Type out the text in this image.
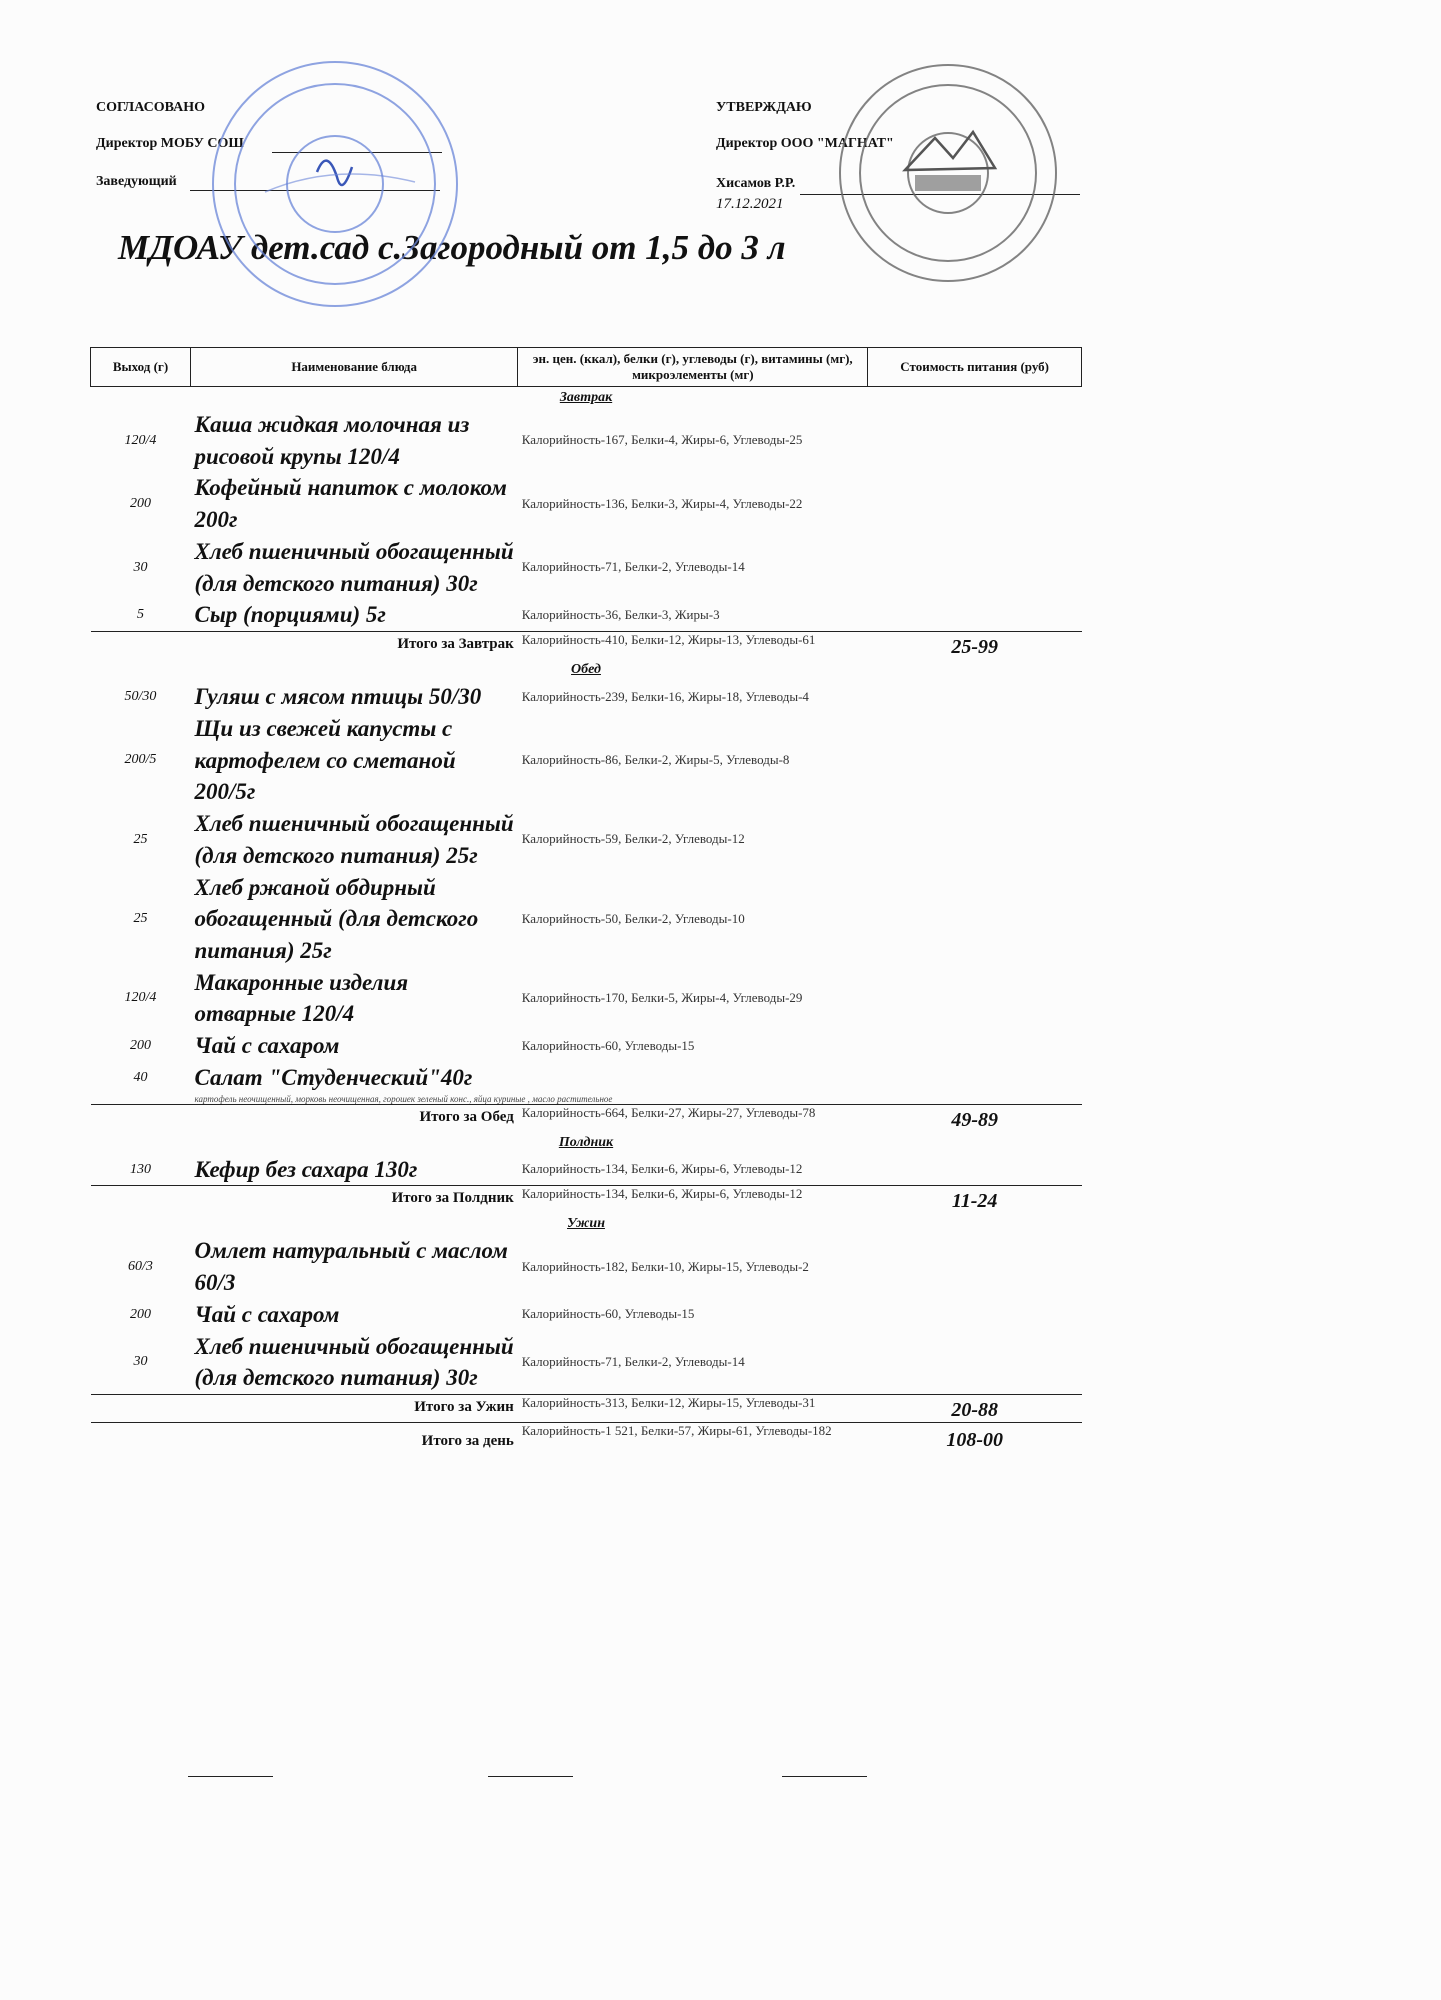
СОГЛАСОВАНО
Директор МОБУ СОШ
Заведующий
УТВЕРЖДАЮ
Директор ООО "МАГНАТ"
Хисамов Р.Р.
17.12.2021
МДОАУ дет.сад с.Загородный от 1,5 до 3 л
Выход (г)	Наименование блюда	эн. цен. (ккал), белки (г), углеводы (г), витамины (мг), микроэлементы (мг)	Стоимость питания (руб)
Завтрак			
120/4	Каша жидкая молочная из рисовой крупы 120/4	Калорийность-167, Белки-4, Жиры-6, Углеводы-25	
200	Кофейный напиток с молоком 200г	Калорийность-136, Белки-3, Жиры-4, Углеводы-22	
30	Хлеб пшеничный обогащенный (для детского питания) 30г	Калорийность-71, Белки-2, Углеводы-14	
5	Сыр (порциями) 5г	Калорийность-36, Белки-3, Жиры-3	
Итого за Завтрак		Калорийность-410, Белки-12, Жиры-13, Углеводы-61	25-99
Обед			
50/30	Гуляш с мясом птицы 50/30	Калорийность-239, Белки-16, Жиры-18, Углеводы-4	
200/5	Щи из свежей капусты с картофелем со сметаной 200/5г	Калорийность-86, Белки-2, Жиры-5, Углеводы-8	
25	Хлеб пшеничный обогащенный (для детского питания) 25г	Калорийность-59, Белки-2, Углеводы-12	
25	Хлеб ржаной обдирный обогащенный (для детского питания) 25г	Калорийность-50, Белки-2, Углеводы-10	
120/4	Макаронные изделия отварные 120/4	Калорийность-170, Белки-5, Жиры-4, Углеводы-29	
200	Чай с сахаром	Калорийность-60, Углеводы-15	
40	Салат "Студенческий"40г		
	картофель неочищенный, морковь неочищенная, горошек зеленый конс., яйца куриные , масло растительное		
Итого за Обед		Калорийность-664, Белки-27, Жиры-27, Углеводы-78	49-89
Полдник			
130	Кефир без сахара 130г	Калорийность-134, Белки-6, Жиры-6, Углеводы-12	
Итого за Полдник		Калорийность-134, Белки-6, Жиры-6, Углеводы-12	11-24
Ужин			
60/3	Омлет натуральный с маслом 60/3	Калорийность-182, Белки-10, Жиры-15, Углеводы-2	
200	Чай с сахаром	Калорийность-60, Углеводы-15	
30	Хлеб пшеничный обогащенный (для детского питания) 30г	Калорийность-71, Белки-2, Углеводы-14	
Итого за Ужин		Калорийность-313, Белки-12, Жиры-15, Углеводы-31	20-88
Итого за день		Калорийность-1 521, Белки-57, Жиры-61, Углеводы-182	108-00
